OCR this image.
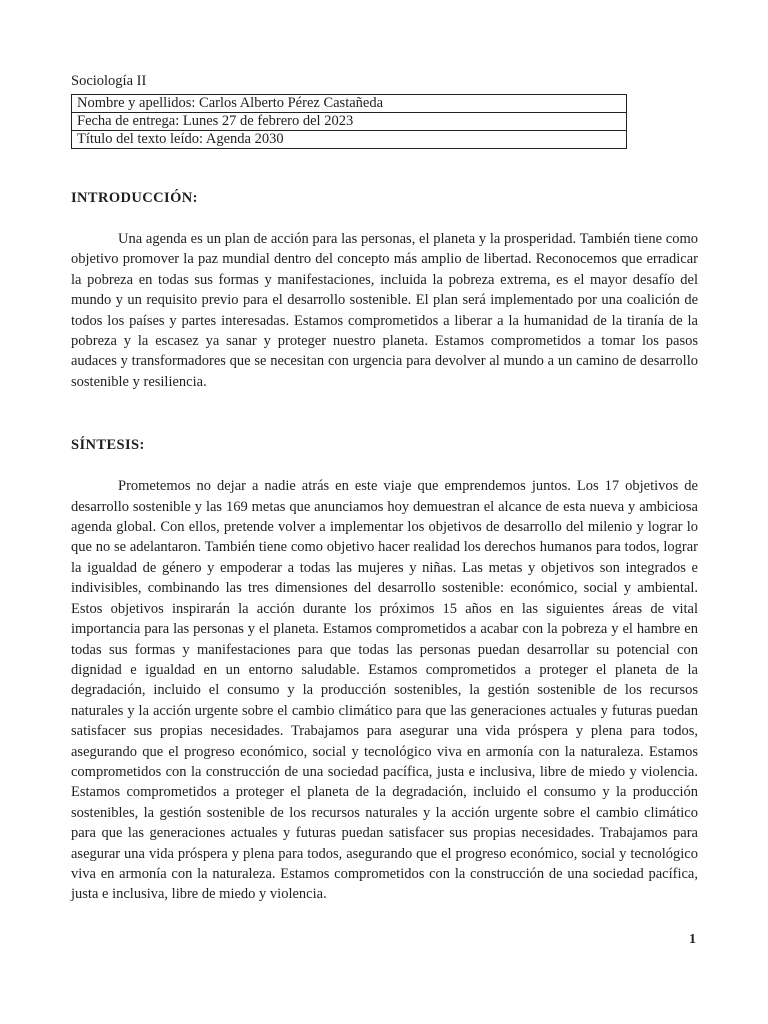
Sociología II
Nombre y apellidos: Carlos Alberto Pérez Castañeda
Fecha de entrega: Lunes 27 de febrero del 2023
Título del texto leído: Agenda 2030
INTRODUCCIÓN:

Una agenda es un plan de acción para las personas, el planeta y la prosperidad. También tiene como objetivo promover la paz mundial dentro del concepto más amplio de libertad. Reconocemos que erradicar la pobreza en todas sus formas y manifestaciones, incluida la pobreza extrema, es el mayor desafío del mundo y un requisito previo para el desarrollo sostenible. El plan será implementado por una coalición de todos los países y partes interesadas. Estamos comprometidos a liberar a la humanidad de la tiranía de la pobreza y la escasez ya sanar y proteger nuestro planeta. Estamos comprometidos a tomar los pasos audaces y transformadores que se necesitan con urgencia para devolver al mundo a un camino de desarrollo sostenible y resiliencia.

SÍNTESIS:

Prometemos no dejar a nadie atrás en este viaje que emprendemos juntos. Los 17 objetivos de desarrollo sostenible y las 169 metas que anunciamos hoy demuestran el alcance de esta nueva y ambiciosa agenda global. Con ellos, pretende volver a implementar los objetivos de desarrollo del milenio y lograr lo que no se adelantaron. También tiene como objetivo hacer realidad los derechos humanos para todos, lograr la igualdad de género y empoderar a todas las mujeres y niñas. Las metas y objetivos son integrados e indivisibles, combinando las tres dimensiones del desarrollo sostenible: económico, social y ambiental. Estos objetivos inspirarán la acción durante los próximos 15 años en las siguientes áreas de vital importancia para las personas y el planeta. Estamos comprometidos a acabar con la pobreza y el hambre en todas sus formas y manifestaciones para que todas las personas puedan desarrollar su potencial con dignidad e igualdad en un entorno saludable. Estamos comprometidos a proteger el planeta de la degradación, incluido el consumo y la producción sostenibles, la gestión sostenible de los recursos naturales y la acción urgente sobre el cambio climático para que las generaciones actuales y futuras puedan satisfacer sus propias necesidades. Trabajamos para asegurar una vida próspera y plena para todos, asegurando que el progreso económico, social y tecnológico viva en armonía con la naturaleza. Estamos comprometidos con la construcción de una sociedad pacífica, justa e inclusiva, libre de miedo y violencia. Estamos comprometidos a proteger el planeta de la degradación, incluido el consumo y la producción sostenibles, la gestión sostenible de los recursos naturales y la acción urgente sobre el cambio climático para que las generaciones actuales y futuras puedan satisfacer sus propias necesidades. Trabajamos para asegurar una vida próspera y plena para todos, asegurando que el progreso económico, social y tecnológico viva en armonía con la naturaleza. Estamos comprometidos con la construcción de una sociedad pacífica, justa e inclusiva, libre de miedo y violencia.

1
